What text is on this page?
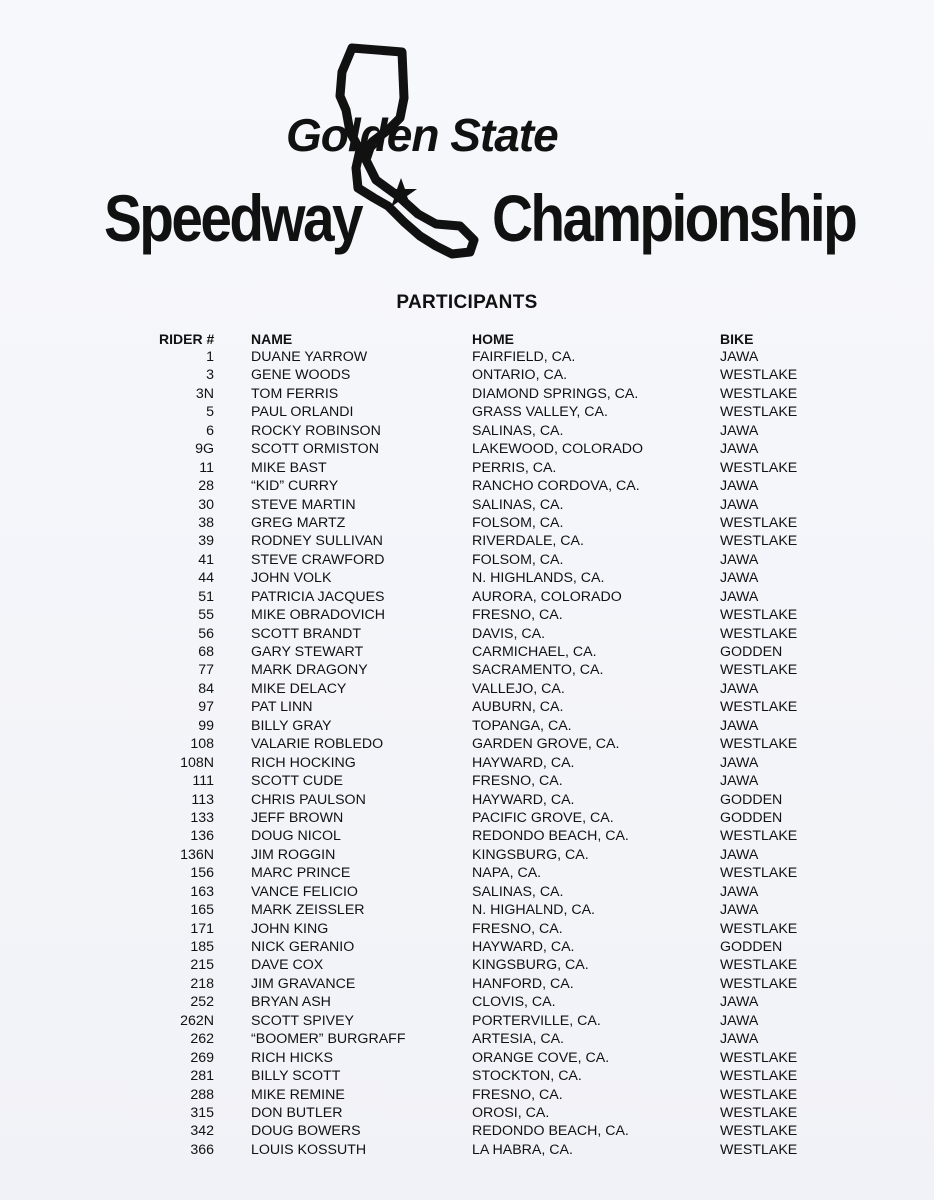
Golden State
Speedway Championship
PARTICIPANTS
RIDER #	NAME	HOME	BIKE
1	DUANE YARROW	FAIRFIELD, CA.	JAWA
3	GENE WOODS	ONTARIO, CA.	WESTLAKE
3N	TOM FERRIS	DIAMOND SPRINGS, CA.	WESTLAKE
5	PAUL ORLANDI	GRASS VALLEY, CA.	WESTLAKE
6	ROCKY ROBINSON	SALINAS, CA.	JAWA
9G	SCOTT ORMISTON	LAKEWOOD, COLORADO	JAWA
11	MIKE BAST	PERRIS, CA.	WESTLAKE
28	“KID” CURRY	RANCHO CORDOVA, CA.	JAWA
30	STEVE MARTIN	SALINAS, CA.	JAWA
38	GREG MARTZ	FOLSOM, CA.	WESTLAKE
39	RODNEY SULLIVAN	RIVERDALE, CA.	WESTLAKE
41	STEVE CRAWFORD	FOLSOM, CA.	JAWA
44	JOHN VOLK	N. HIGHLANDS, CA.	JAWA
51	PATRICIA JACQUES	AURORA, COLORADO	JAWA
55	MIKE OBRADOVICH	FRESNO, CA.	WESTLAKE
56	SCOTT BRANDT	DAVIS, CA.	WESTLAKE
68	GARY STEWART	CARMICHAEL, CA.	GODDEN
77	MARK DRAGONY	SACRAMENTO, CA.	WESTLAKE
84	MIKE DELACY	VALLEJO, CA.	JAWA
97	PAT LINN	AUBURN, CA.	WESTLAKE
99	BILLY GRAY	TOPANGA, CA.	JAWA
108	VALARIE ROBLEDO	GARDEN GROVE, CA.	WESTLAKE
108N	RICH HOCKING	HAYWARD, CA.	JAWA
111	SCOTT CUDE	FRESNO, CA.	JAWA
113	CHRIS PAULSON	HAYWARD, CA.	GODDEN
133	JEFF BROWN	PACIFIC GROVE, CA.	GODDEN
136	DOUG NICOL	REDONDO BEACH, CA.	WESTLAKE
136N	JIM ROGGIN	KINGSBURG, CA.	JAWA
156	MARC PRINCE	NAPA, CA.	WESTLAKE
163	VANCE FELICIO	SALINAS, CA.	JAWA
165	MARK ZEISSLER	N. HIGHALND, CA.	JAWA
171	JOHN KING	FRESNO, CA.	WESTLAKE
185	NICK GERANIO	HAYWARD, CA.	GODDEN
215	DAVE COX	KINGSBURG, CA.	WESTLAKE
218	JIM GRAVANCE	HANFORD, CA.	WESTLAKE
252	BRYAN ASH	CLOVIS, CA.	JAWA
262N	SCOTT SPIVEY	PORTERVILLE, CA.	JAWA
262	“BOOMER” BURGRAFF	ARTESIA, CA.	JAWA
269	RICH HICKS	ORANGE COVE, CA.	WESTLAKE
281	BILLY SCOTT	STOCKTON, CA.	WESTLAKE
288	MIKE REMINE	FRESNO, CA.	WESTLAKE
315	DON BUTLER	OROSI, CA.	WESTLAKE
342	DOUG BOWERS	REDONDO BEACH, CA.	WESTLAKE
366	LOUIS KOSSUTH	LA HABRA, CA.	WESTLAKE
